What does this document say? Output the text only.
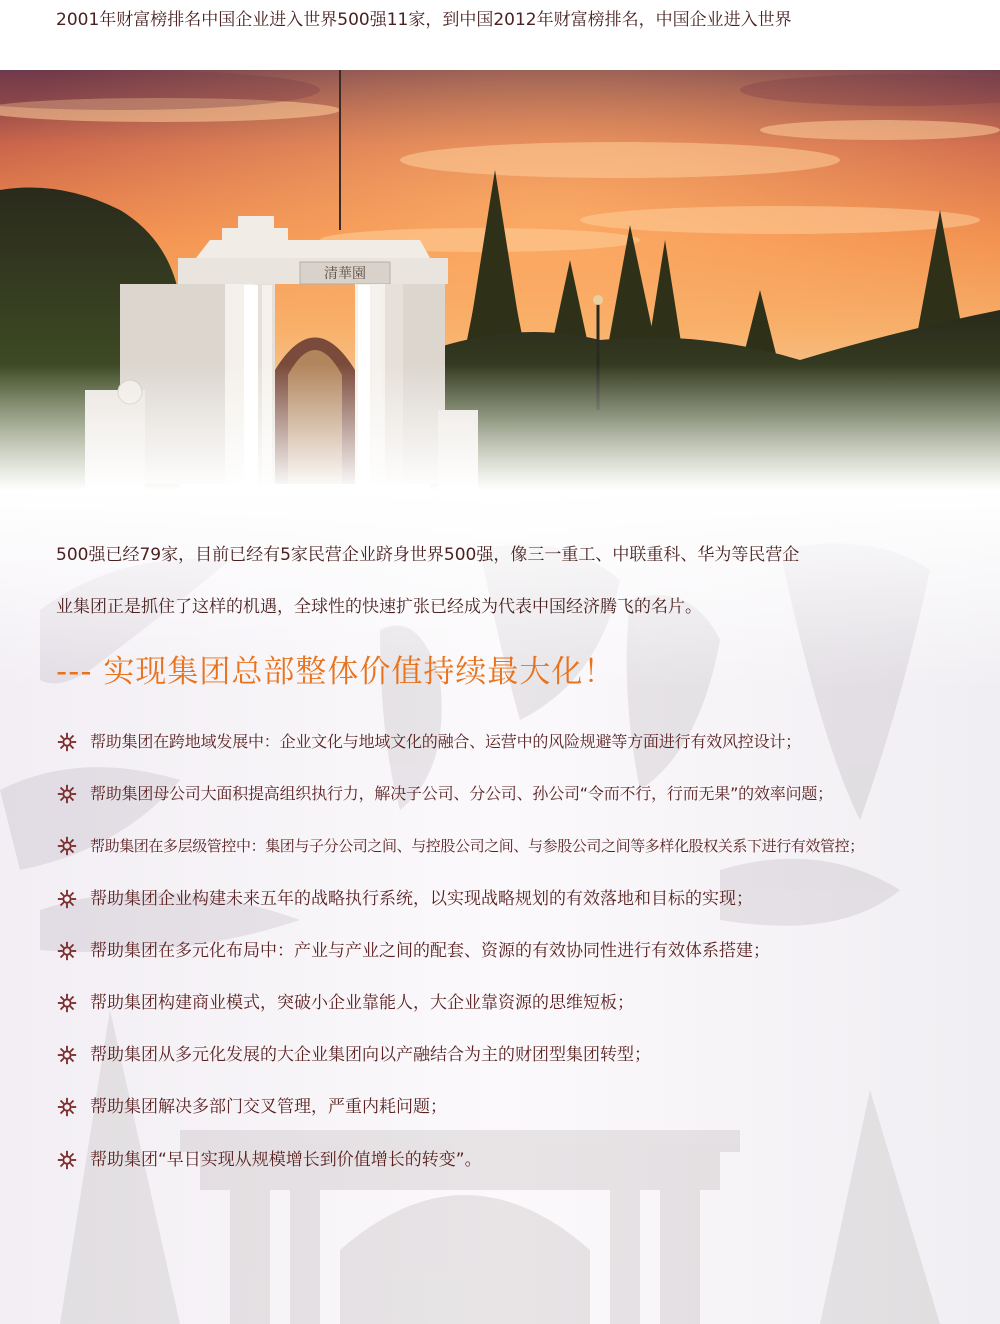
2001年财富榜排名中国企业进入世界500强11家，到中国2012年财富榜排名，中国企业进入世界
500强已经79家，目前已经有5家民营企业跻身世界500强，像三一重工、中联重科、华为等民营企
业集团正是抓住了这样的机遇，全球性的快速扩张已经成为代表中国经济腾飞的名片。
--- 实现集团总部整体价值持续最大化！
帮助集团在跨地域发展中：企业文化与地域文化的融合、运营中的风险规避等方面进行有效风控设计；
帮助集团母公司大面积提高组织执行力，解决子公司、分公司、孙公司“令而不行，行而无果”的效率问题；
帮助集团在多层级管控中：集团与子分公司之间、与控股公司之间、与参股公司之间等多样化股权关系下进行有效管控；
帮助集团企业构建未来五年的战略执行系统，以实现战略规划的有效落地和目标的实现；
帮助集团在多元化布局中：产业与产业之间的配套、资源的有效协同性进行有效体系搭建；
帮助集团构建商业模式，突破小企业靠能人，大企业靠资源的思维短板；
帮助集团从多元化发展的大企业集团向以产融结合为主的财团型集团转型；
帮助集团解决多部门交叉管理，严重内耗问题；
帮助集团“早日实现从规模增长到价值增长的转变”。
